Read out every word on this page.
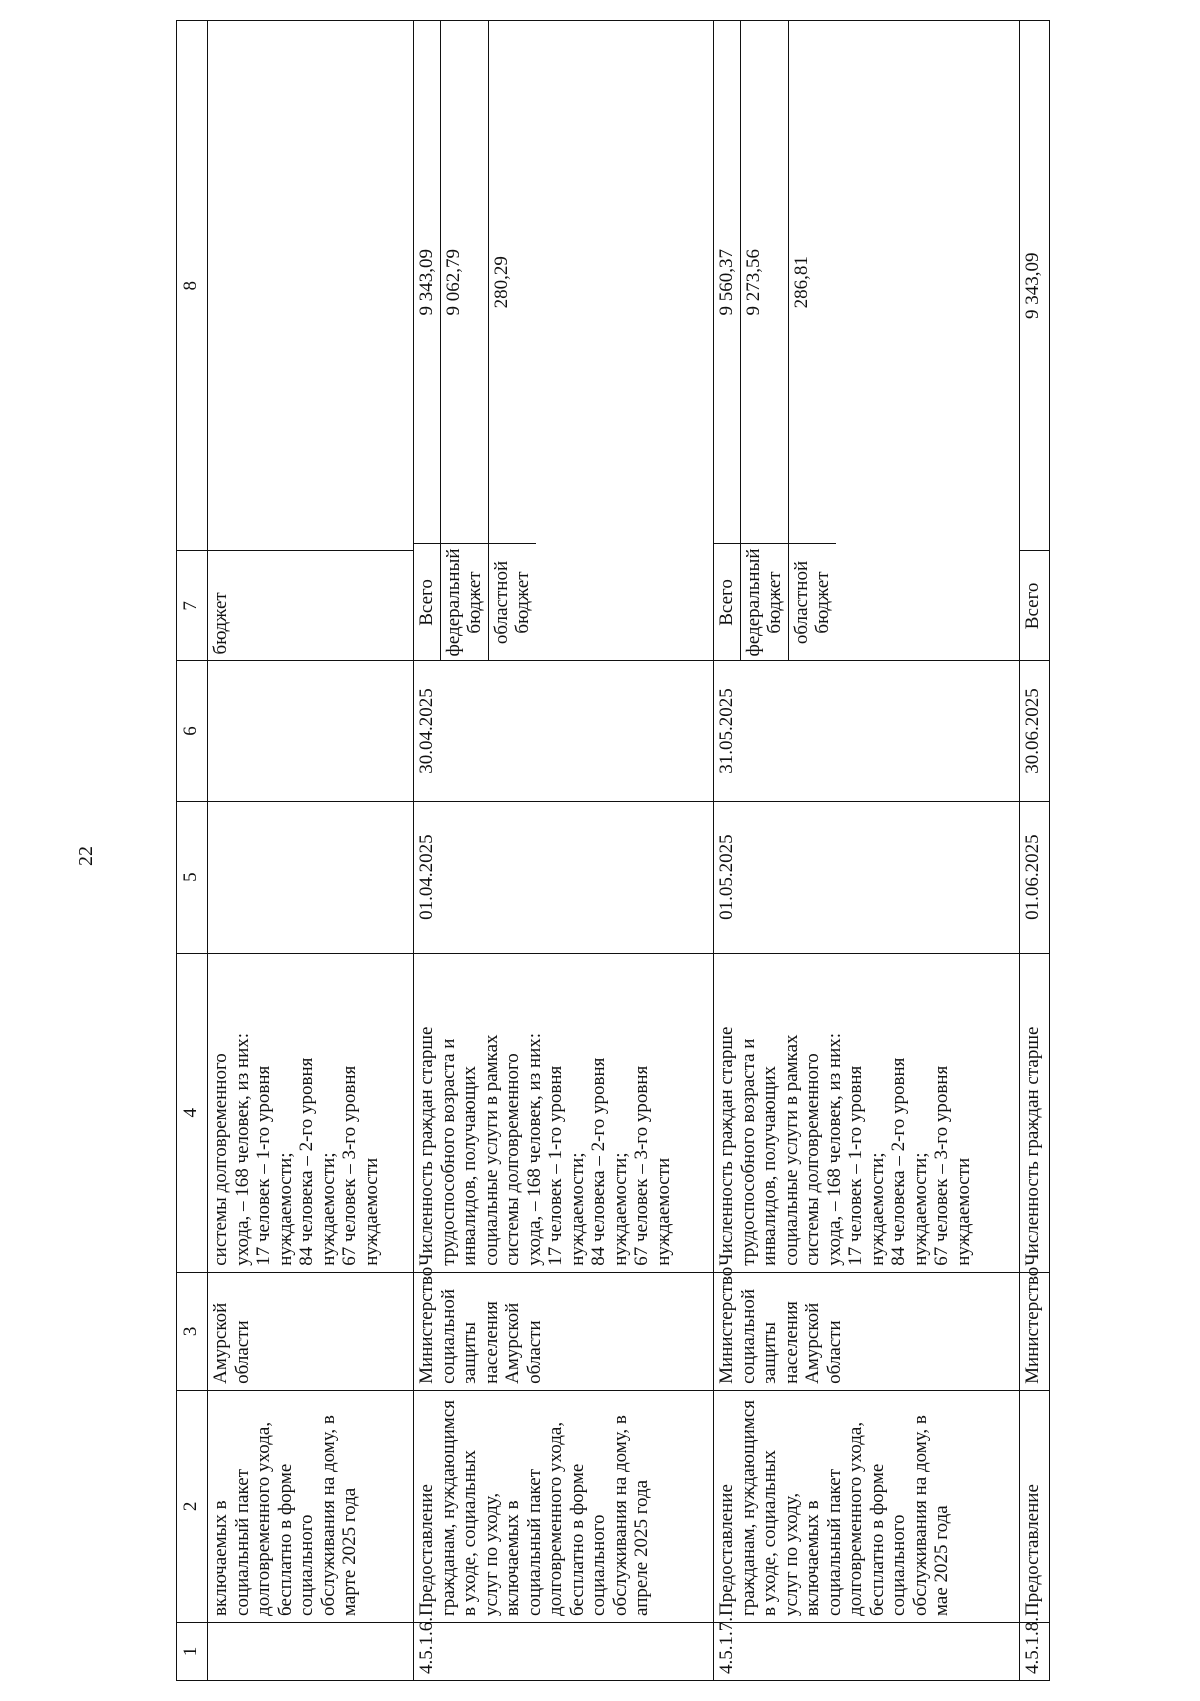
22
1	2	3	4	5	6	7	8
	включаемых в
социальный пакет
долговременного ухода,
бесплатно в форме
социального
обслуживания на дому, в
марте 2025 года	Амурской
области	системы долговременного
ухода, – 168 человек, из них:
17 человек – 1-го уровня
нуждаемости;
84 человека – 2-го уровня
нуждаемости;
67 человек – 3-го уровня
нуждаемости			бюджет	
4.5.1.6.	Предоставление
гражданам, нуждающимся
в уходе, социальных
услуг по уходу,
включаемых в
социальный пакет
долговременного ухода,
бесплатно в форме
социального
обслуживания на дому, в
апреле 2025 года	Министерство
социальной
защиты
населения
Амурской
области	Численность граждан старше
трудоспособного возраста и
инвалидов, получающих
социальные услуги в рамках
системы долговременного
ухода, – 168 человек, из них:
17 человек – 1-го уровня
нуждаемости;
84 человека – 2-го уровня
нуждаемости;
67 человек – 3-го уровня
нуждаемости	01.04.2025	30.04.2025	
Всего	9 343,09
федеральный
бюджет	9 062,79
областной
бюджет	280,29

4.5.1.7.	Предоставление
гражданам, нуждающимся
в уходе, социальных
услуг по уходу,
включаемых в
социальный пакет
долговременного ухода,
бесплатно в форме
социального
обслуживания на дому, в
мае 2025 года	Министерство
социальной
защиты
населения
Амурской
области	Численность граждан старше
трудоспособного возраста и
инвалидов, получающих
социальные услуги в рамках
системы долговременного
ухода, – 168 человек, из них:
17 человек – 1-го уровня
нуждаемости;
84 человека – 2-го уровня
нуждаемости;
67 человек – 3-го уровня
нуждаемости	01.05.2025	31.05.2025	
Всего	9 560,37
федеральный
бюджет	9 273,56
областной
бюджет	286,81

4.5.1.8.	Предоставление	Министерство	Численность граждан старше	01.06.2025	30.06.2025	Всего	9 343,09
